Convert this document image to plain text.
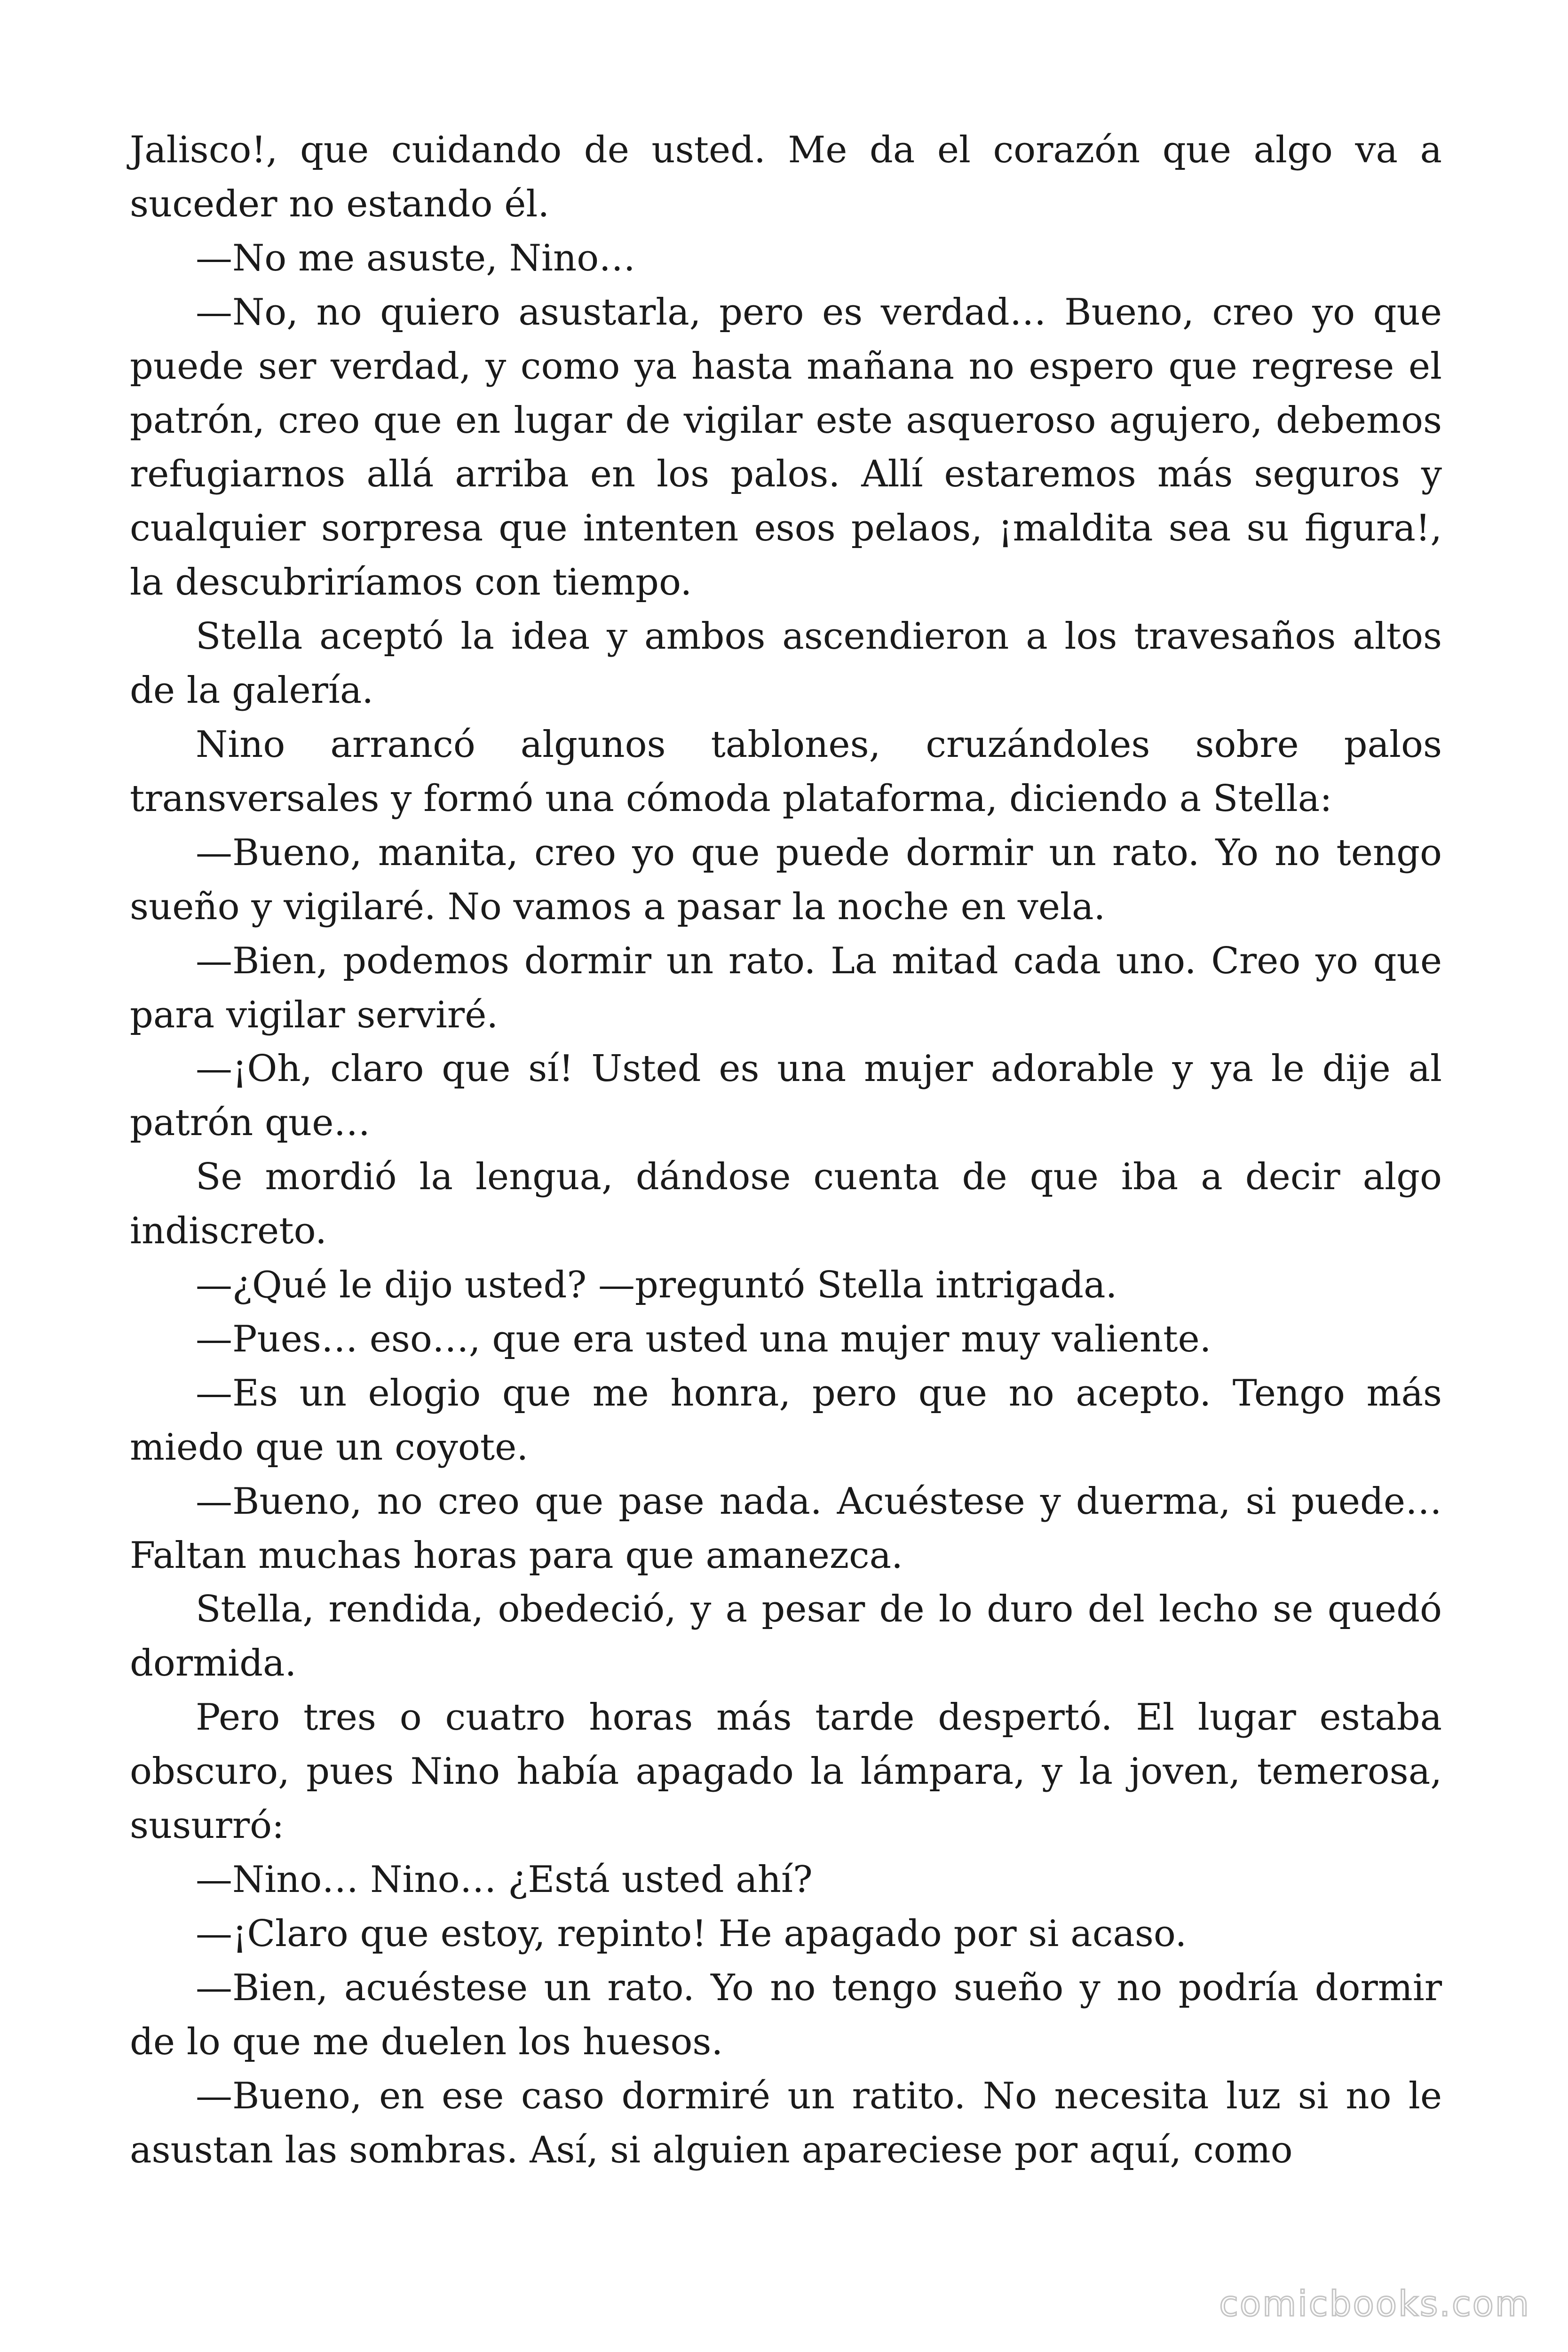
Jalisco!, que cuidando de usted. Me da el corazón que algo va a suceder no estando él.

—No me asuste, Nino…

—No, no quiero asustarla, pero es verdad… Bueno, creo yo que puede ser verdad, y como ya hasta mañana no espero que regrese el patrón, creo que en lugar de vigilar este asqueroso agujero, debemos refugiarnos allá arriba en los palos. Allí estaremos más seguros y cualquier sorpresa que intenten esos pelaos, ¡maldita sea su figura!, la descubriríamos con tiempo.

Stella aceptó la idea y ambos ascendieron a los travesaños altos de la galería.

Nino arrancó algunos tablones, cruzándoles sobre palos transversales y formó una cómoda plataforma, diciendo a Stella:

—Bueno, manita, creo yo que puede dormir un rato. Yo no tengo sueño y vigilaré. No vamos a pasar la noche en vela.

—Bien, podemos dormir un rato. La mitad cada uno. Creo yo que para vigilar serviré.

—¡Oh, claro que sí! Usted es una mujer adorable y ya le dije al patrón que…

Se mordió la lengua, dándose cuenta de que iba a decir algo indiscreto.

—¿Qué le dijo usted? —preguntó Stella intrigada.

—Pues… eso…, que era usted una mujer muy valiente.

—Es un elogio que me honra, pero que no acepto. Tengo más miedo que un coyote.

—Bueno, no creo que pase nada. Acuéstese y duerma, si puede… Faltan muchas horas para que amanezca.

Stella, rendida, obedeció, y a pesar de lo duro del lecho se quedó dormida.

Pero tres o cuatro horas más tarde despertó. El lugar estaba obscuro, pues Nino había apagado la lámpara, y la joven, temerosa, susurró:

—Nino… Nino… ¿Está usted ahí?

—¡Claro que estoy, repinto! He apagado por si acaso.

—Bien, acuéstese un rato. Yo no tengo sueño y no podría dormir de lo que me duelen los huesos.

—Bueno, en ese caso dormiré un ratito. No necesita luz si no le asustan las sombras. Así, si alguien apareciese por aquí, como

comicbooks.com
